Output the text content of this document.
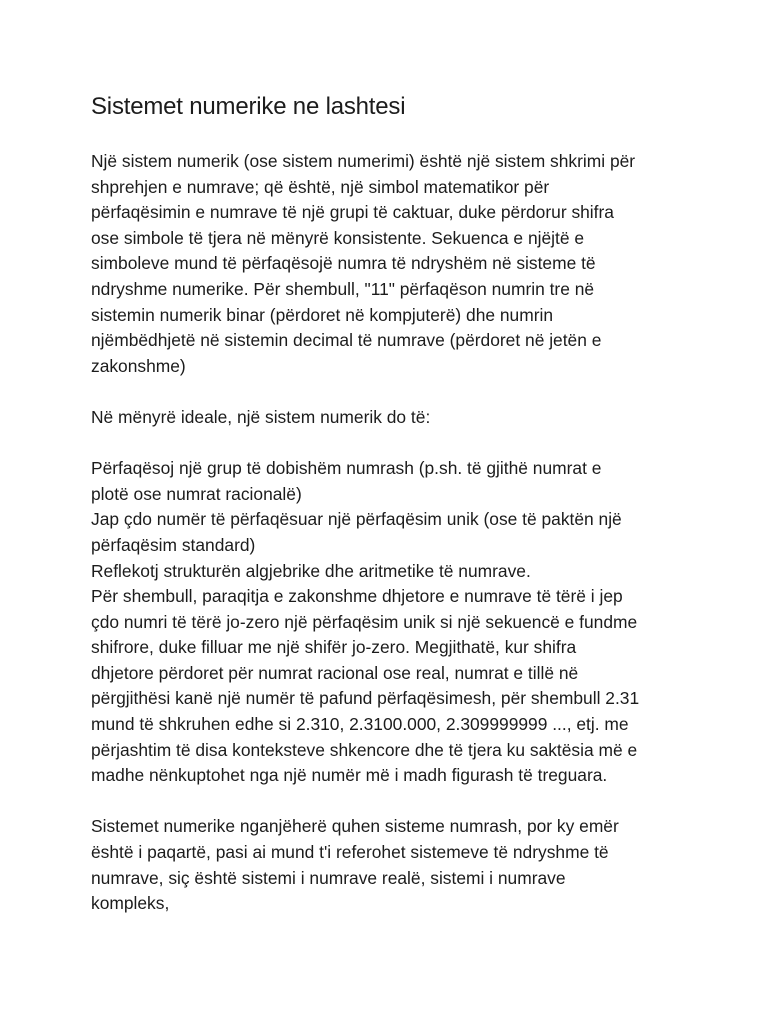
Sistemet numerike ne lashtesi
Një sistem numerik (ose sistem numerimi) është një sistem shkrimi për
shprehjen e numrave; që është, një simbol matematikor për
përfaqësimin e numrave të një grupi të caktuar, duke përdorur shifra
ose simbole të tjera në mënyrë konsistente. Sekuenca e njëjtë e
simboleve mund të përfaqësojë numra të ndryshëm në sisteme të
ndryshme numerike. Për shembull, "11" përfaqëson numrin tre në
sistemin numerik binar (përdoret në kompjuterë) dhe numrin
njëmbëdhjetë në sistemin decimal të numrave (përdoret në jetën e
zakonshme)
Në mënyrë ideale, një sistem numerik do të:
Përfaqësoj një grup të dobishëm numrash (p.sh. të gjithë numrat e
plotë ose numrat racionalë)
Jap çdo numër të përfaqësuar një përfaqësim unik (ose të paktën një
përfaqësim standard)
Reflekotj strukturën algjebrike dhe aritmetike të numrave.
Për shembull, paraqitja e zakonshme dhjetore e numrave të tërë i jep
çdo numri të tërë jo-zero një përfaqësim unik si një sekuencë e fundme
shifrore, duke filluar me një shifër jo-zero. Megjithatë, kur shifra
dhjetore përdoret për numrat racional ose real, numrat e tillë në
përgjithësi kanë një numër të pafund përfaqësimesh, për shembull 2.31
mund të shkruhen edhe si 2.310, 2.3100.000, 2.309999999 ..., etj. me
përjashtim të disa konteksteve shkencore dhe të tjera ku saktësia më e
madhe nënkuptohet nga një numër më i madh figurash të treguara.
Sistemet numerike nganjëherë quhen sisteme numrash, por ky emër
është i paqartë, pasi ai mund t'i referohet sistemeve të ndryshme të
numrave, siç është sistemi i numrave realë, sistemi i numrave
kompleks,
